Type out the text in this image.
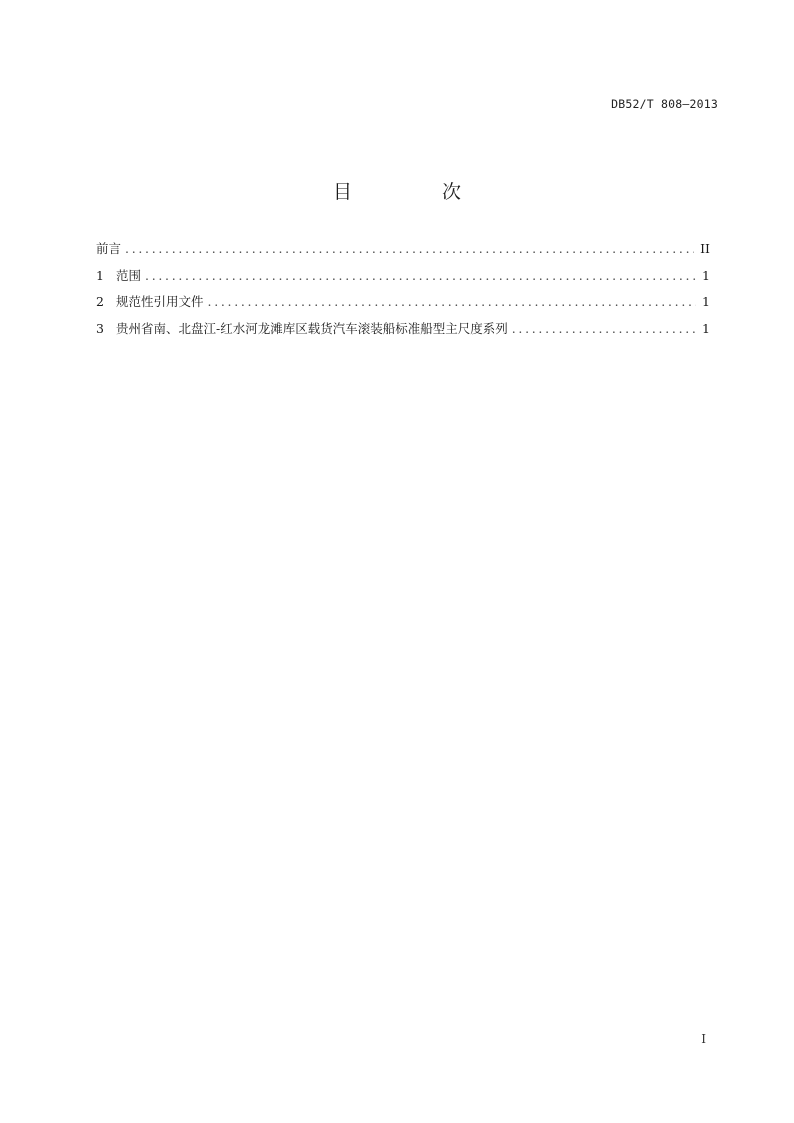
DB52/T 808—2013
目 次
前言 .....	II
1 范围 .....	1
2 规范性引用文件 .....	1
3 贵州省南、北盘江-红水河龙滩库区载货汽车滚装船标准船型主尺度系列 .....	1
I
